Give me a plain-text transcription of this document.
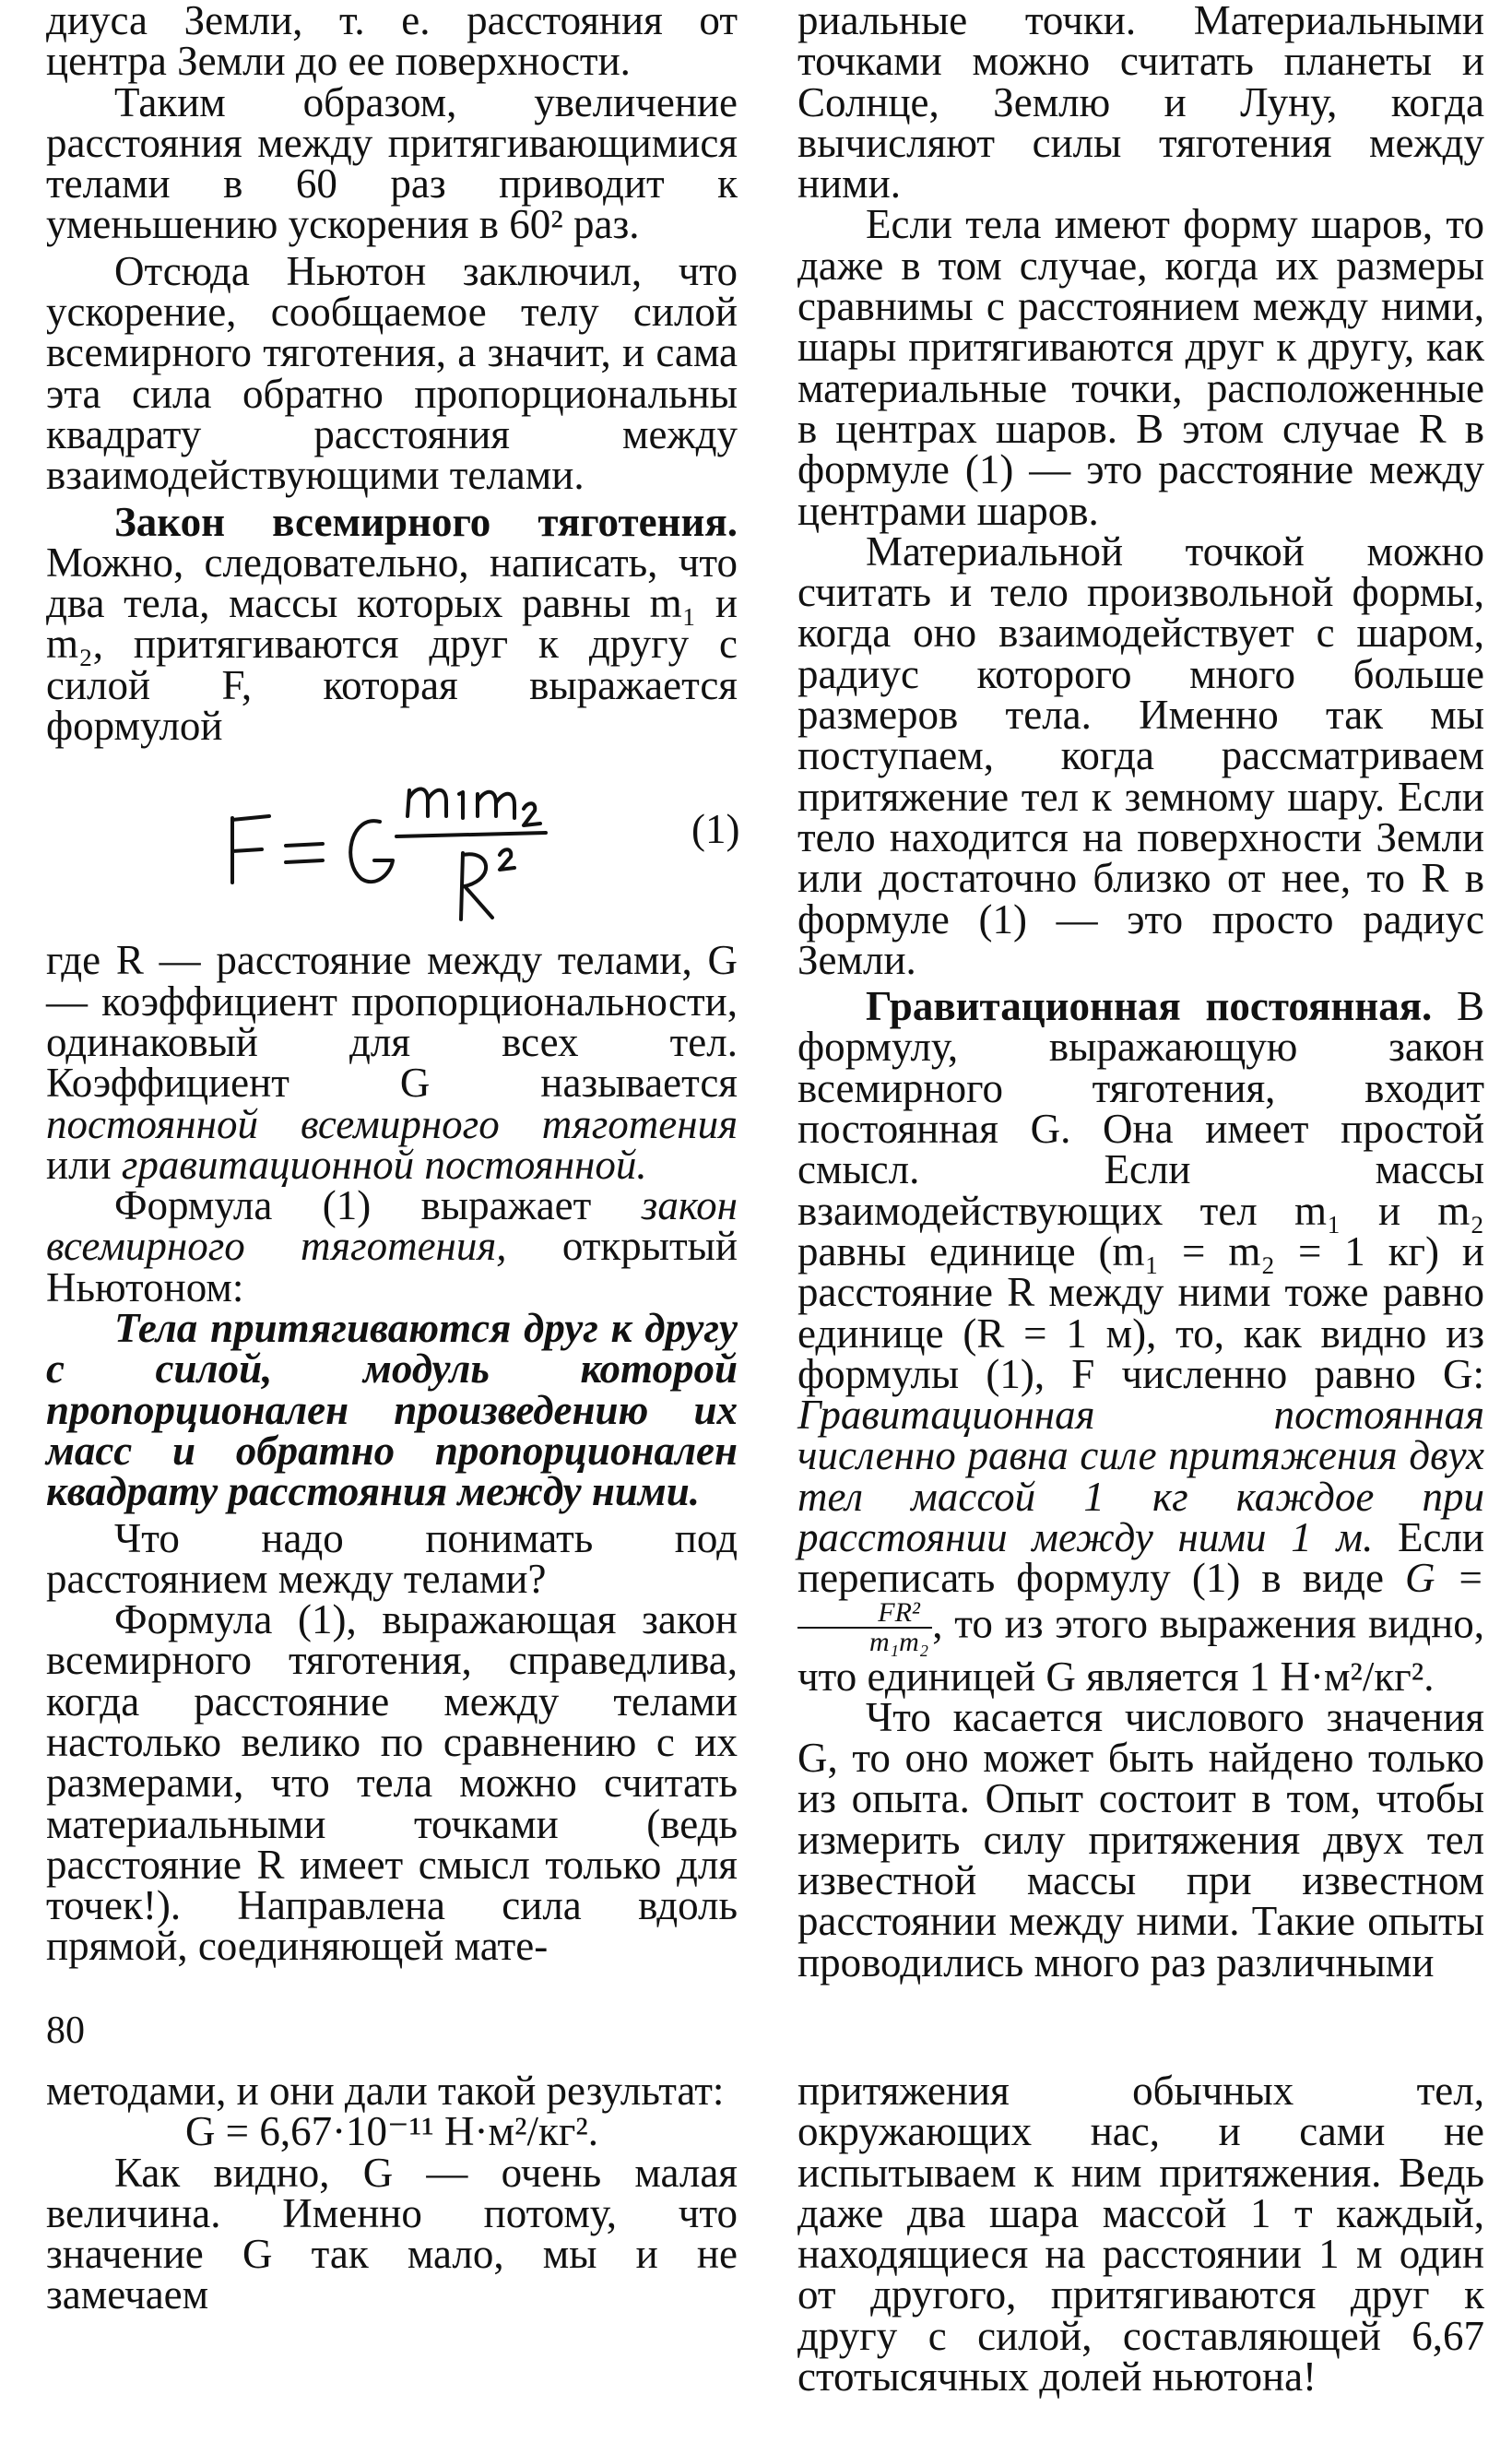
диуса Земли, т. е. расстояния от центра Земли до ее поверхности.

Таким образом, увеличение расстояния между притягивающимися телами в 60 раз приводит к уменьшению ускорения в 60² раз.

Отсюда Ньютон заключил, что ускорение, сообщаемое телу силой всемирного тяготения, а значит, и сама эта сила обратно пропорциональны квадрату расстояния между взаимодействующими телами.

Закон всемирного тяготения. Можно, следовательно, написать, что два тела, массы которых равны m₁ и m₂, притягиваются друг к другу с силой F, которая выражается формулой

(1)

где R — расстояние между телами, G — коэффициент пропорциональности, одинаковый для всех тел. Коэффициент G называется постоянной всемирного тяготения или гравитационной постоянной.

Формула (1) выражает закон всемирного тяготения, открытый Ньютоном:

Тела притягиваются друг к другу с силой, модуль которой пропорционален произведению их масс и обратно пропорционален квадрату расстояния между ними.

Что надо понимать под расстоянием между телами?

Формула (1), выражающая закон всемирного тяготения, справедлива, когда расстояние между телами настолько велико по сравнению с их размерами, что тела можно считать материальными точками (ведь расстояние R имеет смысл только для точек!). Направлена сила вдоль прямой, соединяющей мате-

риальные точки. Материальными точками можно считать планеты и Солнце, Землю и Луну, когда вычисляют силы тяготения между ними.

Если тела имеют форму шаров, то даже в том случае, когда их размеры сравнимы с расстоянием между ними, шары притягиваются друг к другу, как материальные точки, расположенные в центрах шаров. В этом случае R в формуле (1) — это расстояние между центрами шаров.

Материальной точкой можно считать и тело произвольной формы, когда оно взаимодействует с шаром, радиус которого много больше размеров тела. Именно так мы поступаем, когда рассматриваем притяжение тел к земному шару. Если тело находится на поверхности Земли или достаточно близко от нее, то R в формуле (1) — это просто радиус Земли.

Гравитационная постоянная. В формулу, выражающую закон всемирного тяготения, входит постоянная G. Она имеет простой смысл. Если массы взаимодействующих тел m₁ и m₂ равны единице (m₁ = m₂ = 1 кг) и расстояние R между ними тоже равно единице (R = 1 м), то, как видно из формулы (1), F численно равно G: Гравитационная постоянная численно равна силе притяжения двух тел массой 1 кг каждое при расстоянии между ними 1 м. Если переписать формулу (1) в виде G =
$\frac{\text{FR²}}{\text{m₁m₂}}$ , то из этого выражения видно, что единицей G является 1 Н·м²/кг².

Что касается числового значения G, то оно может быть найдено только из опыта. Опыт состоит в том, чтобы измерить силу притяжения двух тел известной массы при известном расстоянии между ними. Такие опыты проводились много раз различными

80

методами, и они дали такой результат:

G = 6,67·10⁻¹¹ Н·м²/кг².

Как видно, G — очень малая величина. Именно потому, что значение G так мало, мы и не замечаем

притяжения обычных тел, окружающих нас, и сами не испытываем к ним притяжения. Ведь даже два шара массой 1 т каждый, находящиеся на расстоянии 1 м один от другого, притягиваются друг к другу с силой, составляющей 6,67 стотысячных долей ньютона!
